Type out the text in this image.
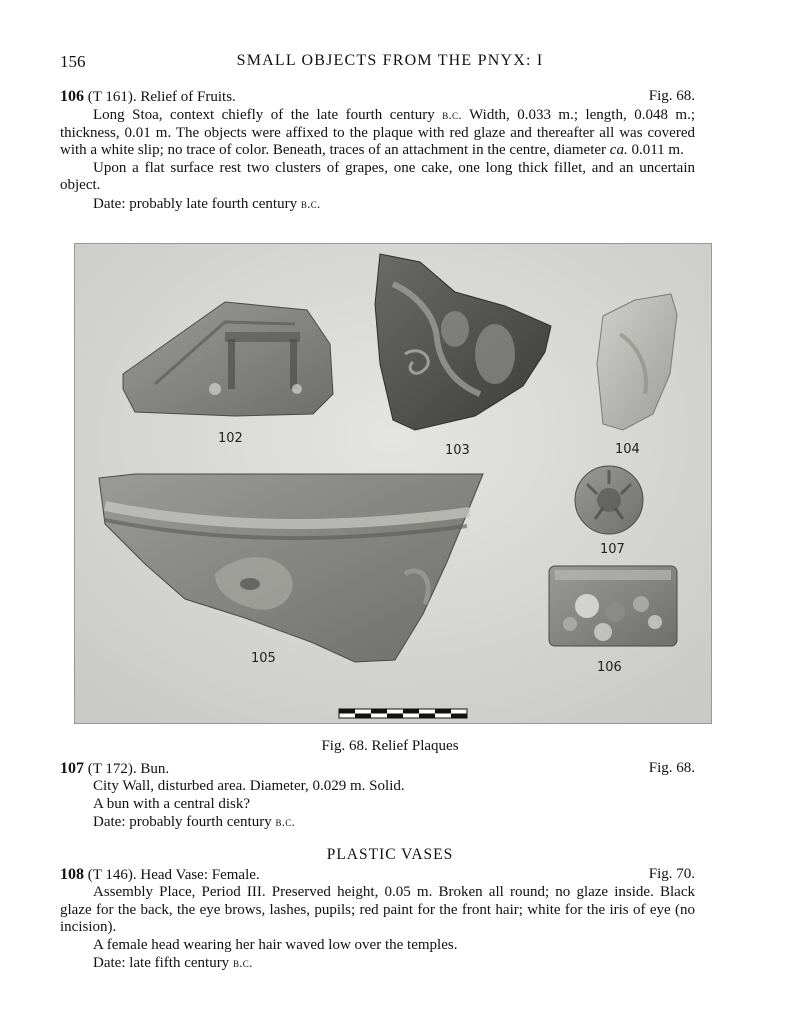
156	SMALL OBJECTS FROM THE PNYX: I
106 (T 161). Relief of Fruits.	Fig. 68.

Long Stoa, context chiefly of the late fourth century b.c. Width, 0.033 m.; length, 0.048 m.; thickness, 0.01 m. The objects were affixed to the plaque with red glaze and thereafter all was covered with a white slip; no trace of color. Beneath, traces of an attachment in the centre, diameter ca. 0.011 m.

Upon a flat surface rest two clusters of grapes, one cake, one long thick fillet, and an uncertain object.

Date: probably late fourth century b.c.

102
103	104
107
105
106
Fig. 68. Relief Plaques
107 (T 172). Bun.	Fig. 68.

City Wall, disturbed area. Diameter, 0.029 m. Solid.

A bun with a central disk?

Date: probably fourth century b.c.

PLASTIC VASES
108 (T 146). Head Vase: Female.	Fig. 70.

Assembly Place, Period III. Preserved height, 0.05 m. Broken all round; no glaze inside. Black glaze for the back, the eye brows, lashes, pupils; red paint for the front hair; white for the iris of eye (no incision).

A female head wearing her hair waved low over the temples.

Date: late fifth century b.c.
